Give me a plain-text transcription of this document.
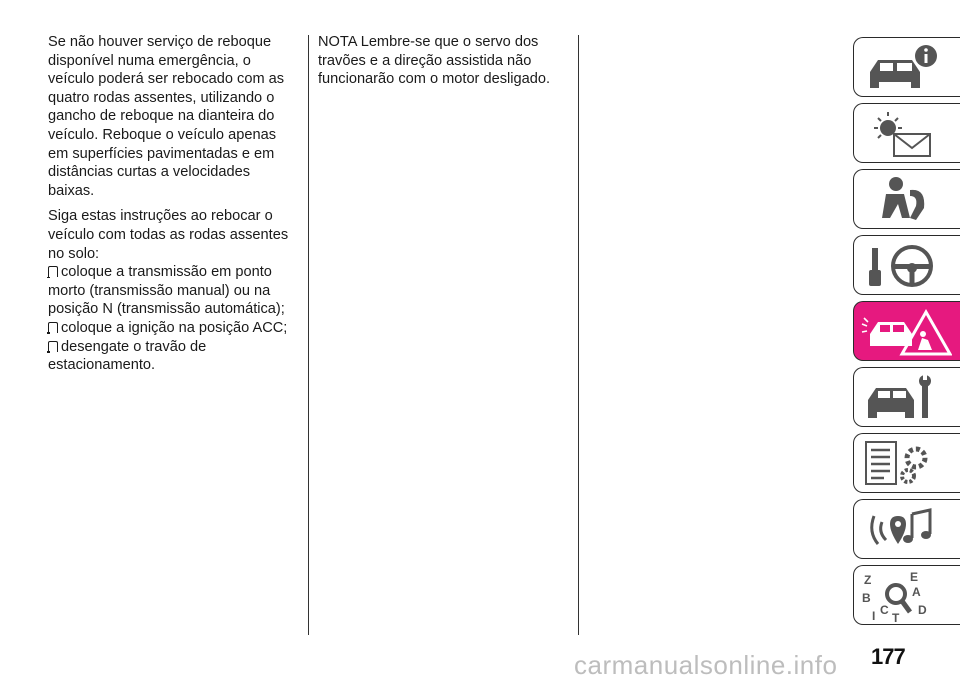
Se não houver serviço de reboque disponível numa emergência, o veículo poderá ser rebocado com as quatro rodas assentes, utilizando o gancho de reboque na dianteira do veículo. Reboque o veículo apenas em superfícies pavimentadas e em distâncias curtas a velocidades baixas.

Siga estas instruções ao rebocar o veículo com todas as rodas assentes no solo:
coloque a transmissão em ponto morto (transmissão manual) ou na posição N (transmissão automática);
coloque a ignição na posição ACC;
desengate o travão de estacionamento.

NOTA Lembre-se que o servo dos travões e a direção assistida não funcionarão com o motor desligado.

Z	E
A
B
C D
T
I
177
carmanualsonline.info
